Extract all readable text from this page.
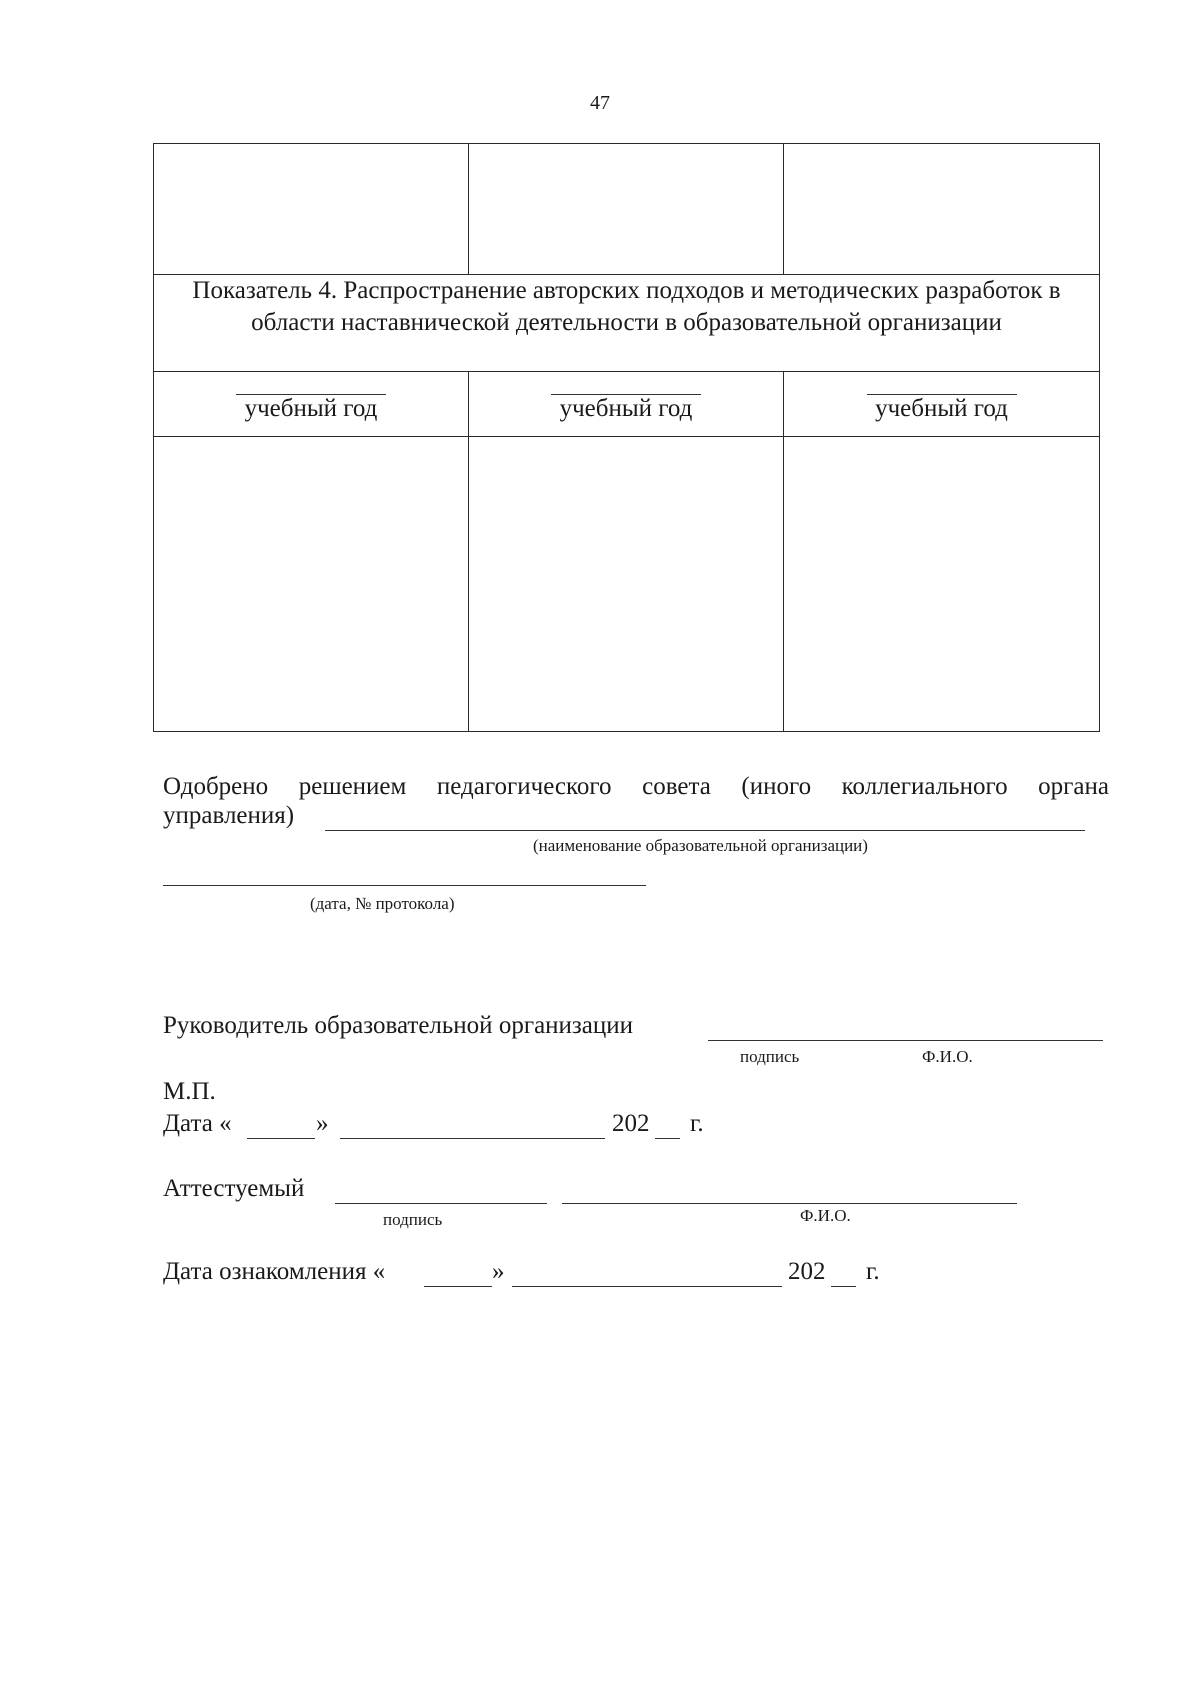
47

Показатель 4. Распространение авторских подходов и методических разработок в области наставнической деятельности в образовательной организации		

учебный год	учебный год	учебный год

Одобрено решением педагогического совета (иного коллегиального органа
управления)
(наименование образовательной организации)
(дата, № протокола)
Руководитель образовательной организации
подпись	Ф.И.О.
М.П.
Дата «	»	202 г.
Аттестуемый
подпись	Ф.И.О.
Дата ознакомления «	»	202 г.
